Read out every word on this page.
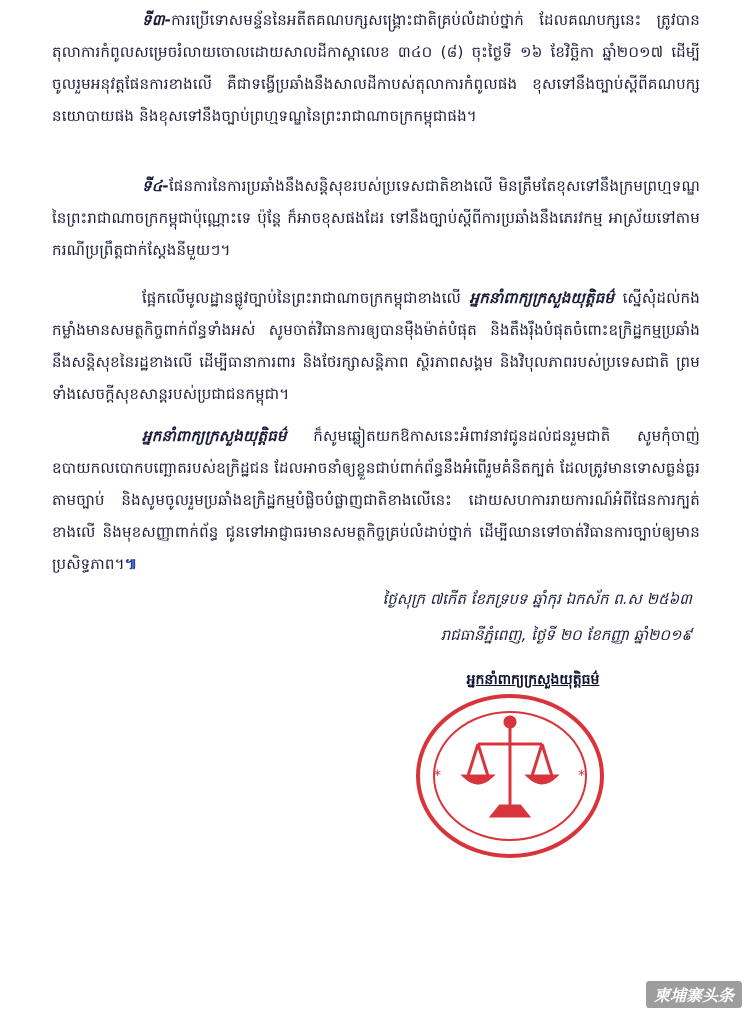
ទី៣-ការប្រើទោសមន្ទ័ននៃអតីតគណបក្សសង្គ្រោះជាតិគ្រប់លំដាប់ថ្នាក់ ដែលគណបក្សនេះ ត្រូវបានតុលាការកំពូលសម្រេចរំលាយចោលដោយសាលដីកាស្ពាលេខ ៣៤០ (៨) ចុះថ្ងៃទី ១៦ ខែវិច្ឆិកា ឆ្នាំ២០១៧ ដើម្បីចូលរួមអនុវត្តផែនការខាងលើ គឺជាទង្វើប្រឆាំងនឹងសាលដីកាបស់តុលាការកំពូលផង ខុសទៅនឹងច្បាប់ស្តីពីគណបក្សនយោបាយផង និងខុសទៅនឹងច្បាប់ព្រហ្មទណ្ឌនៃព្រះរាជាណាចក្រកម្ពុជាផង។
ទី៤-ផែនការនៃការប្រឆាំងនឹងសន្តិសុខរបស់ប្រទេសជាតិខាងលើ មិនត្រឹមតែខុសទៅនឹងក្រមព្រហ្មទណ្ឌនៃព្រះរាជាណាចក្រកម្ពុជាប៉ុណ្ណោះទេ ប៉ុន្តែ ក៏អាចខុសផងដែរ ទៅនឹងច្បាប់ស្តីពីការប្រឆាំងនឹងភេរវកម្ម អាស្រ័យទៅតាមករណីប្រព្រឹត្តជាក់ស្តែងនីមួយៗ។
ផ្អែកលើមូលដ្ឋានផ្លូវច្បាប់នៃព្រះរាជាណាចក្រកម្ពុជាខាងលើ អ្នកនាំពាក្យក្រសួងយុត្តិធម៌ ស្នើសុំដល់កងកម្លាំងមានសមត្ថកិច្ចពាក់ព័ន្ធទាំងអស់ សូមចាត់វិធានការឲ្យបានម៉ឺងម៉ាត់បំផុត និងតឹងរ៉ឹងបំផុតចំពោះឧក្រិដ្ឋកម្មប្រឆាំងនឹងសន្តិសុខនៃរដ្ឋខាងលើ ដើម្បីធានាការពារ និងថែរក្សាសន្តិភាព ស្ថិរភាពសង្គម និងវិបុលភាពរបស់ប្រទេសជាតិ ព្រមទាំងសេចក្តីសុខសាន្តរបស់ប្រជាជនកម្ពុជា។
អ្នកនាំពាក្យក្រសួងយុត្តិធម៌ ក៏សូមឆ្លៀតយកឱកាសនេះអំពាវនាវជូនដល់ជនរួមជាតិ សូមកុំចាញ់ឧបាយកលបោកបញ្ឆោតរបស់ឧក្រិដ្ឋជន ដែលអាចនាំឲ្យខ្លួនជាប់ពាក់ព័ន្ធនឹងអំពើរួមគំនិតក្បត់ ដែលត្រូវមានទោសធ្ងន់ធ្ងរតាមច្បាប់ និងសូមចូលរួមប្រឆាំងឧក្រិដ្ឋកម្មបំផ្លិចបំផ្លាញជាតិខាងលើនេះ ដោយសហការរាយការណ៍អំពីផែនការក្បត់ខាងលើ និងមុខសញ្ញាពាក់ព័ន្ធ ជូនទៅអាជ្ញាធរមានសមត្ថកិច្ចគ្រប់លំដាប់ថ្នាក់ ដើម្បីឈានទៅចាត់វិធានការច្បាប់ឲ្យមានប្រសិទ្ធភាព។៕
ថ្ងៃសុក្រ ៧កើត ខែភទ្របទ ឆ្នាំកុរ ឯកស័ក ព.ស ២៥៦៣
រាជធានីភ្នំពេញ, ថ្ងៃទី ២០ ខែកញ្ញា ឆ្នាំ២០១៩
អ្នកនាំពាក្យក្រសួងយុត្តិធម៌
*	*
柬埔寨头条
